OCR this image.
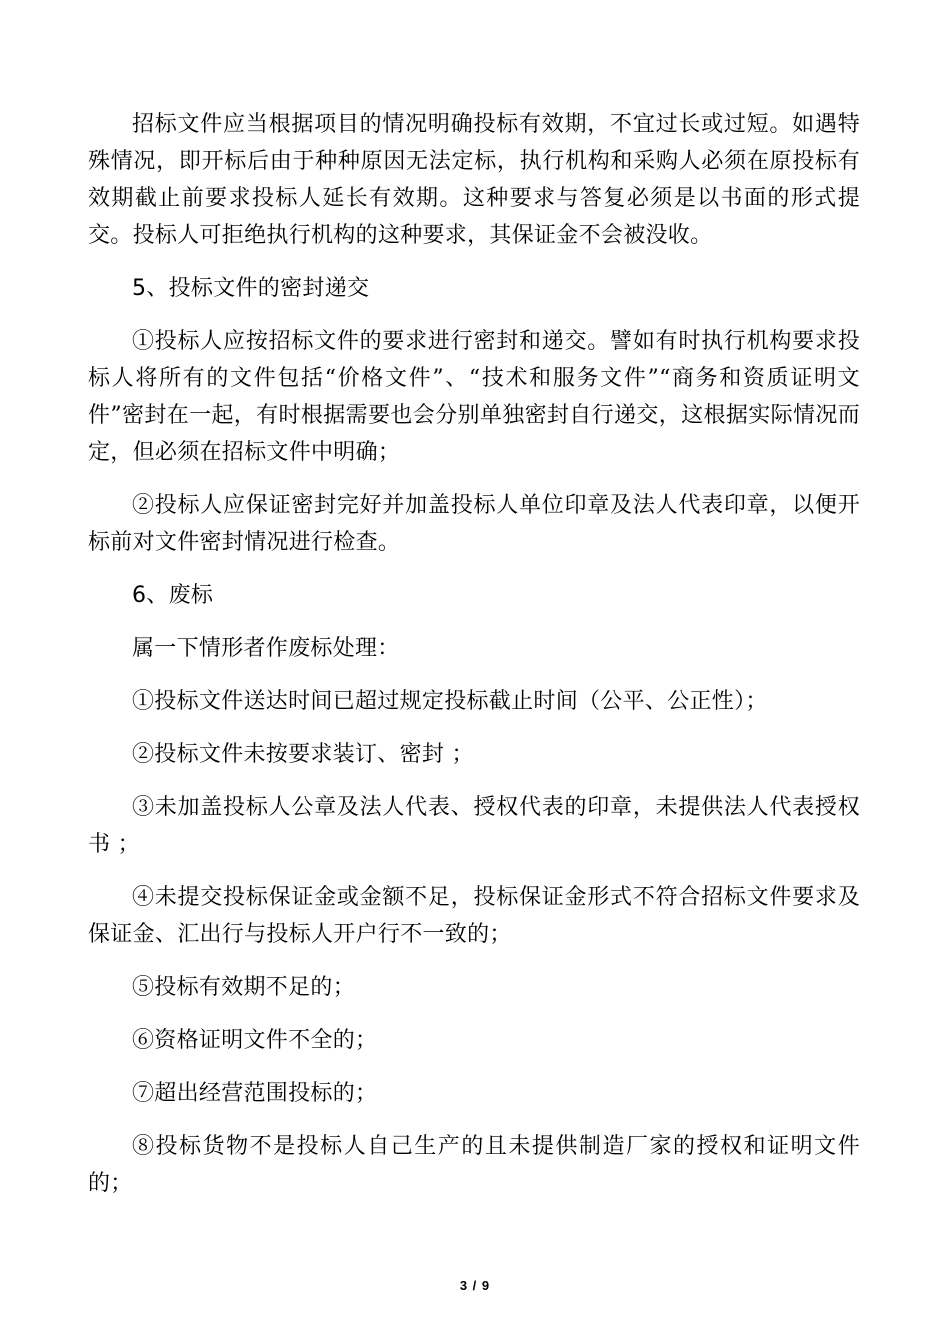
招标文件应当根据项目的情况明确投标有效期，不宜过长或过短。如遇特殊情况，即开标后由于种种原因无法定标，执行机构和采购人必须在原投标有效期截止前要求投标人延长有效期。这种要求与答复必须是以书面的形式提交。投标人可拒绝执行机构的这种要求，其保证金不会被没收。

5、投标文件的密封递交

①投标人应按招标文件的要求进行密封和递交。譬如有时执行机构要求投标人将所有的文件包括“价格文件”、“技术和服务文件”“商务和资质证明文件”密封在一起，有时根据需要也会分别单独密封自行递交，这根据实际情况而定，但必须在招标文件中明确；

②投标人应保证密封完好并加盖投标人单位印章及法人代表印章，以便开标前对文件密封情况进行检查。

6、废标

属一下情形者作废标处理：

①投标文件送达时间已超过规定投标截止时间（公平、公正性）；

②投标文件未按要求装订、密封 ；

③未加盖投标人公章及法人代表、授权代表的印章，未提供法人代表授权书 ；

④未提交投标保证金或金额不足，投标保证金形式不符合招标文件要求及保证金、汇出行与投标人开户行不一致的；

⑤投标有效期不足的；

⑥资格证明文件不全的；

⑦超出经营范围投标的；

⑧投标货物不是投标人自己生产的且未提供制造厂家的授权和证明文件的；

3 / 9
